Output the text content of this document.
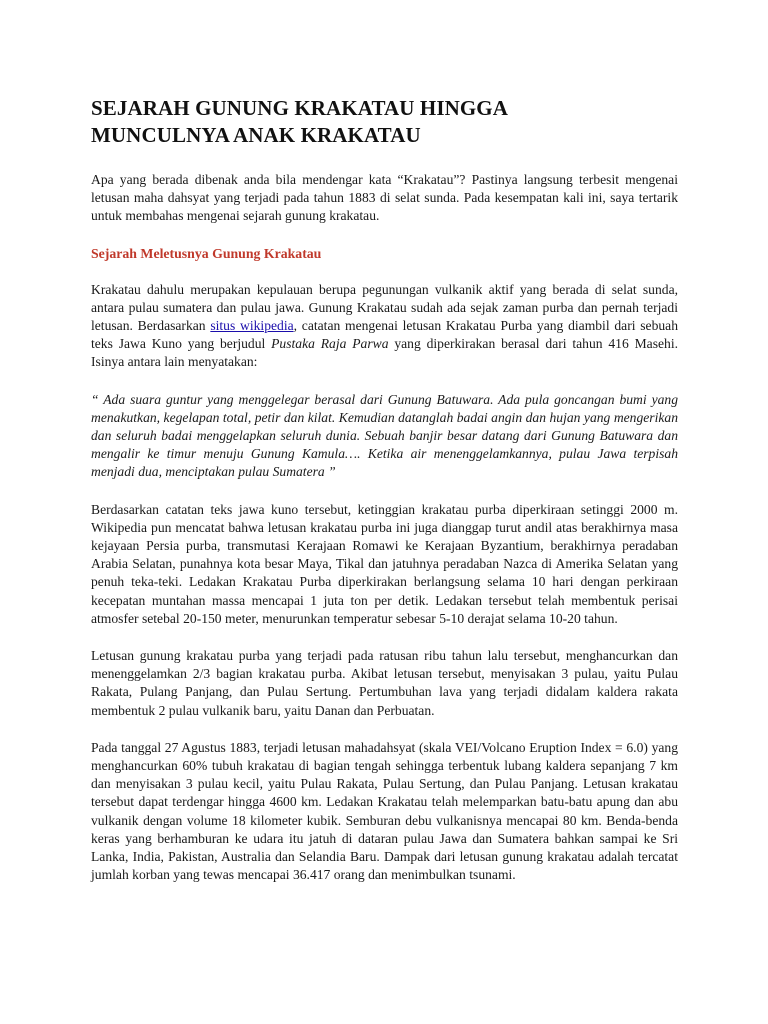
SEJARAH GUNUNG KRAKATAU HINGGA
MUNCULNYA ANAK KRAKATAU

Apa yang berada dibenak anda bila mendengar kata “Krakatau”? Pastinya langsung terbesit mengenai letusan maha dahsyat yang terjadi pada tahun 1883 di selat sunda. Pada kesempatan kali ini, saya tertarik untuk membahas mengenai sejarah gunung krakatau.

Sejarah Meletusnya Gunung Krakatau

Krakatau dahulu merupakan kepulauan berupa pegunungan vulkanik aktif yang berada di selat sunda, antara pulau sumatera dan pulau jawa. Gunung Krakatau sudah ada sejak zaman purba dan pernah terjadi letusan. Berdasarkan situs wikipedia, catatan mengenai letusan Krakatau Purba yang diambil dari sebuah teks Jawa Kuno yang berjudul Pustaka Raja Parwa yang diperkirakan berasal dari tahun 416 Masehi. Isinya antara lain menyatakan:

“ Ada suara guntur yang menggelegar berasal dari Gunung Batuwara. Ada pula goncangan bumi yang menakutkan, kegelapan total, petir dan kilat. Kemudian datanglah badai angin dan hujan yang mengerikan dan seluruh badai menggelapkan seluruh dunia. Sebuah banjir besar datang dari Gunung Batuwara dan mengalir ke timur menuju Gunung Kamula…. Ketika air menenggelamkannya, pulau Jawa terpisah menjadi dua, menciptakan pulau Sumatera ”

Berdasarkan catatan teks jawa kuno tersebut, ketinggian krakatau purba diperkiraan setinggi 2000 m. Wikipedia pun mencatat bahwa letusan krakatau purba ini juga dianggap turut andil atas berakhirnya masa kejayaan Persia purba, transmutasi Kerajaan Romawi ke Kerajaan Byzantium, berakhirnya peradaban Arabia Selatan, punahnya kota besar Maya, Tikal dan jatuhnya peradaban Nazca di Amerika Selatan yang penuh teka-teki. Ledakan Krakatau Purba diperkirakan berlangsung selama 10 hari dengan perkiraan kecepatan muntahan massa mencapai 1 juta ton per detik. Ledakan tersebut telah membentuk perisai atmosfer setebal 20-150 meter, menurunkan temperatur sebesar 5-10 derajat selama 10-20 tahun.

Letusan gunung krakatau purba yang terjadi pada ratusan ribu tahun lalu tersebut, menghancurkan dan menenggelamkan 2/3 bagian krakatau purba. Akibat letusan tersebut, menyisakan 3 pulau, yaitu Pulau Rakata, Pulang Panjang, dan Pulau Sertung. Pertumbuhan lava yang terjadi didalam kaldera rakata membentuk 2 pulau vulkanik baru, yaitu Danan dan Perbuatan.

Pada tanggal 27 Agustus 1883, terjadi letusan mahadahsyat (skala VEI/Volcano Eruption Index = 6.0) yang menghancurkan 60% tubuh krakatau di bagian tengah sehingga terbentuk lubang kaldera sepanjang 7 km dan menyisakan 3 pulau kecil, yaitu Pulau Rakata, Pulau Sertung, dan Pulau Panjang. Letusan krakatau tersebut dapat terdengar hingga 4600 km. Ledakan Krakatau telah melemparkan batu-batu apung dan abu vulkanik dengan volume 18 kilometer kubik. Semburan debu vulkanisnya mencapai 80 km. Benda-benda keras yang berhamburan ke udara itu jatuh di dataran pulau Jawa dan Sumatera bahkan sampai ke Sri Lanka, India, Pakistan, Australia dan Selandia Baru. Dampak dari letusan gunung krakatau adalah tercatat jumlah korban yang tewas mencapai 36.417 orang dan menimbulkan tsunami.
